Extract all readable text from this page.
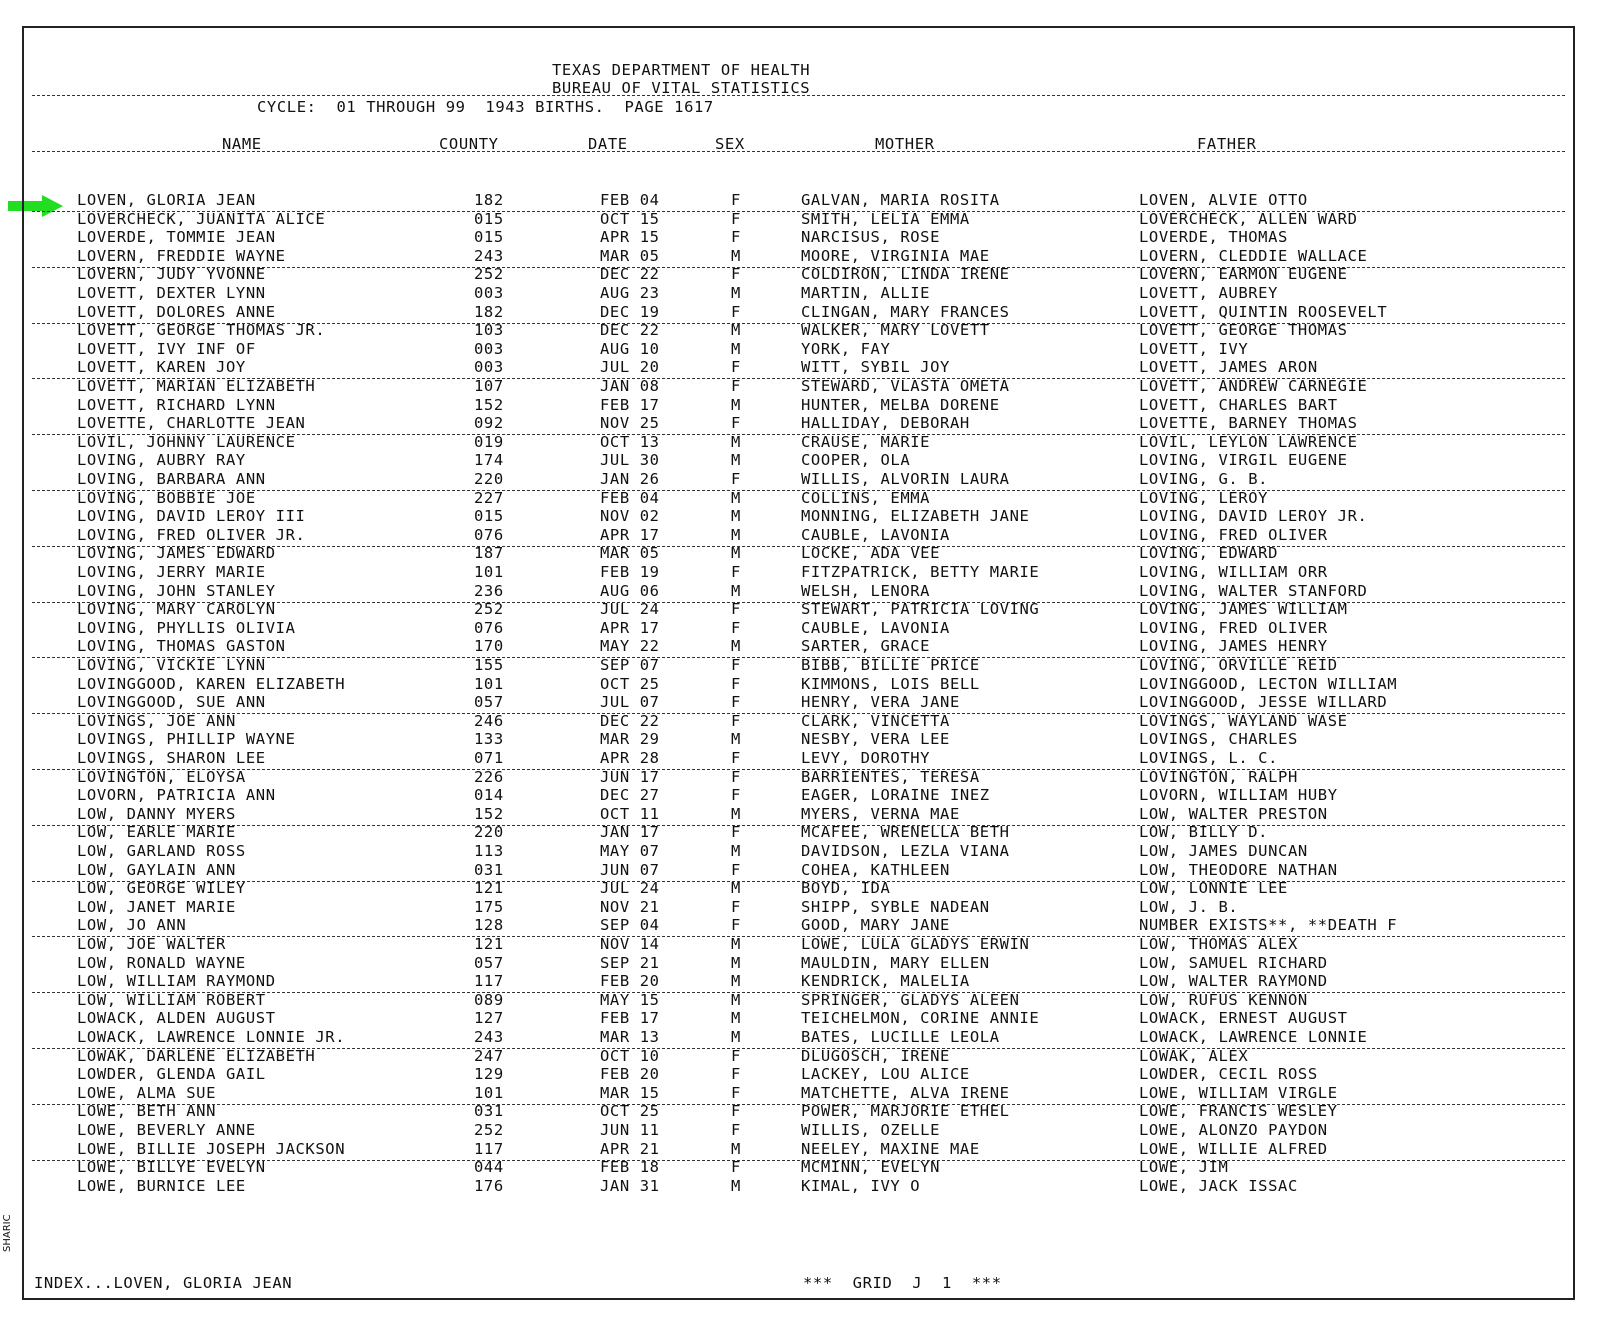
TEXAS DEPARTMENT OF HEALTH
BUREAU OF VITAL STATISTICS
CYCLE:  01 THROUGH 99  1943 BIRTHS.  PAGE 1617
NAME	COUNTY	DATE	SEX	MOTHER	FATHER
LOVEN, GLORIA JEAN	182	FEB 04	F	GALVAN, MARIA ROSITA	LOVEN, ALVIE OTTO
LOVERCHECK, JUANITA ALICE	015	OCT 15	F	SMITH, LELIA EMMA	LOVERCHECK, ALLEN WARD
LOVERDE, TOMMIE JEAN	015	APR 15	F	NARCISUS, ROSE	LOVERDE, THOMAS
LOVERN, FREDDIE WAYNE	243	MAR 05	M	MOORE, VIRGINIA MAE	LOVERN, CLEDDIE WALLACE
LOVERN, JUDY YVONNE	252	DEC 22	F	COLDIRON, LINDA IRENE	LOVERN, EARMON EUGENE
LOVETT, DEXTER LYNN	003	AUG 23	M	MARTIN, ALLIE	LOVETT, AUBREY
LOVETT, DOLORES ANNE	182	DEC 19	F	CLINGAN, MARY FRANCES	LOVETT, QUINTIN ROOSEVELT
LOVETT, GEORGE THOMAS JR.	103	DEC 22	M	WALKER, MARY LOVETT	LOVETT, GEORGE THOMAS
LOVETT, IVY INF OF	003	AUG 10	M	YORK, FAY	LOVETT, IVY
LOVETT, KAREN JOY	003	JUL 20	F	WITT, SYBIL JOY	LOVETT, JAMES ARON
LOVETT, MARIAN ELIZABETH	107	JAN 08	F	STEWARD, VLASTA OMETA	LOVETT, ANDREW CARNEGIE
LOVETT, RICHARD LYNN	152	FEB 17	M	HUNTER, MELBA DORENE	LOVETT, CHARLES BART
LOVETTE, CHARLOTTE JEAN	092	NOV 25	F	HALLIDAY, DEBORAH	LOVETTE, BARNEY THOMAS
LOVIL, JOHNNY LAURENCE	019	OCT 13	M	CRAUSE, MARIE	LOVIL, LEYLON LAWRENCE
LOVING, AUBRY RAY	174	JUL 30	M	COOPER, OLA	LOVING, VIRGIL EUGENE
LOVING, BARBARA ANN	220	JAN 26	F	WILLIS, ALVORIN LAURA	LOVING, G. B.
LOVING, BOBBIE JOE	227	FEB 04	M	COLLINS, EMMA	LOVING, LEROY
LOVING, DAVID LEROY III	015	NOV 02	M	MONNING, ELIZABETH JANE	LOVING, DAVID LEROY JR.
LOVING, FRED OLIVER JR.	076	APR 17	M	CAUBLE, LAVONIA	LOVING, FRED OLIVER
LOVING, JAMES EDWARD	187	MAR 05	M	LOCKE, ADA VEE	LOVING, EDWARD
LOVING, JERRY MARIE	101	FEB 19	F	FITZPATRICK, BETTY MARIE	LOVING, WILLIAM ORR
LOVING, JOHN STANLEY	236	AUG 06	M	WELSH, LENORA	LOVING, WALTER STANFORD
LOVING, MARY CAROLYN	252	JUL 24	F	STEWART, PATRICIA LOVING	LOVING, JAMES WILLIAM
LOVING, PHYLLIS OLIVIA	076	APR 17	F	CAUBLE, LAVONIA	LOVING, FRED OLIVER
LOVING, THOMAS GASTON	170	MAY 22	M	SARTER, GRACE	LOVING, JAMES HENRY
LOVING, VICKIE LYNN	155	SEP 07	F	BIBB, BILLIE PRICE	LOVING, ORVILLE REID
LOVINGGOOD, KAREN ELIZABETH	101	OCT 25	F	KIMMONS, LOIS BELL	LOVINGGOOD, LECTON WILLIAM
LOVINGGOOD, SUE ANN	057	JUL 07	F	HENRY, VERA JANE	LOVINGGOOD, JESSE WILLARD
LOVINGS, JOE ANN	246	DEC 22	F	CLARK, VINCETTA	LOVINGS, WAYLAND WASE
LOVINGS, PHILLIP WAYNE	133	MAR 29	M	NESBY, VERA LEE	LOVINGS, CHARLES
LOVINGS, SHARON LEE	071	APR 28	F	LEVY, DOROTHY	LOVINGS, L. C.
LOVINGTON, ELOYSA	226	JUN 17	F	BARRIENTES, TERESA	LOVINGTON, RALPH
LOVORN, PATRICIA ANN	014	DEC 27	F	EAGER, LORAINE INEZ	LOVORN, WILLIAM HUBY
LOW, DANNY MYERS	152	OCT 11	M	MYERS, VERNA MAE	LOW, WALTER PRESTON
LOW, EARLE MARIE	220	JAN 17	F	MCAFEE, WRENELLA BETH	LOW, BILLY D.
LOW, GARLAND ROSS	113	MAY 07	M	DAVIDSON, LEZLA VIANA	LOW, JAMES DUNCAN
LOW, GAYLAIN ANN	031	JUN 07	F	COHEA, KATHLEEN	LOW, THEODORE NATHAN
LOW, GEORGE WILEY	121	JUL 24	M	BOYD, IDA	LOW, LONNIE LEE
LOW, JANET MARIE	175	NOV 21	F	SHIPP, SYBLE NADEAN	LOW, J. B.
LOW, JO ANN	128	SEP 04	F	GOOD, MARY JANE	NUMBER EXISTS**, **DEATH F
LOW, JOE WALTER	121	NOV 14	M	LOWE, LULA GLADYS ERWIN	LOW, THOMAS ALEX
LOW, RONALD WAYNE	057	SEP 21	M	MAULDIN, MARY ELLEN	LOW, SAMUEL RICHARD
LOW, WILLIAM RAYMOND	117	FEB 20	M	KENDRICK, MALELIA	LOW, WALTER RAYMOND
LOW, WILLIAM ROBERT	089	MAY 15	M	SPRINGER, GLADYS ALEEN	LOW, RUFUS KENNON
LOWACK, ALDEN AUGUST	127	FEB 17	M	TEICHELMON, CORINE ANNIE	LOWACK, ERNEST AUGUST
LOWACK, LAWRENCE LONNIE JR.	243	MAR 13	M	BATES, LUCILLE LEOLA	LOWACK, LAWRENCE LONNIE
LOWAK, DARLENE ELIZABETH	247	OCT 10	F	DLUGOSCH, IRENE	LOWAK, ALEX
LOWDER, GLENDA GAIL	129	FEB 20	F	LACKEY, LOU ALICE	LOWDER, CECIL ROSS
LOWE, ALMA SUE	101	MAR 15	F	MATCHETTE, ALVA IRENE	LOWE, WILLIAM VIRGLE
LOWE, BETH ANN	031	OCT 25	F	POWER, MARJORIE ETHEL	LOWE, FRANCIS WESLEY
LOWE, BEVERLY ANNE	252	JUN 11	F	WILLIS, OZELLE	LOWE, ALONZO PAYDON
LOWE, BILLIE JOSEPH JACKSON	117	APR 21	M	NEELEY, MAXINE MAE	LOWE, WILLIE ALFRED
LOWE, BILLYE EVELYN	044	FEB 18	F	MCMINN, EVELYN	LOWE, JIM
LOWE, BURNICE LEE	176	JAN 31	M	KIMAL, IVY O	LOWE, JACK ISSAC
INDEX...LOVEN, GLORIA JEAN	***  GRID  J  1  ***
SHARIC
